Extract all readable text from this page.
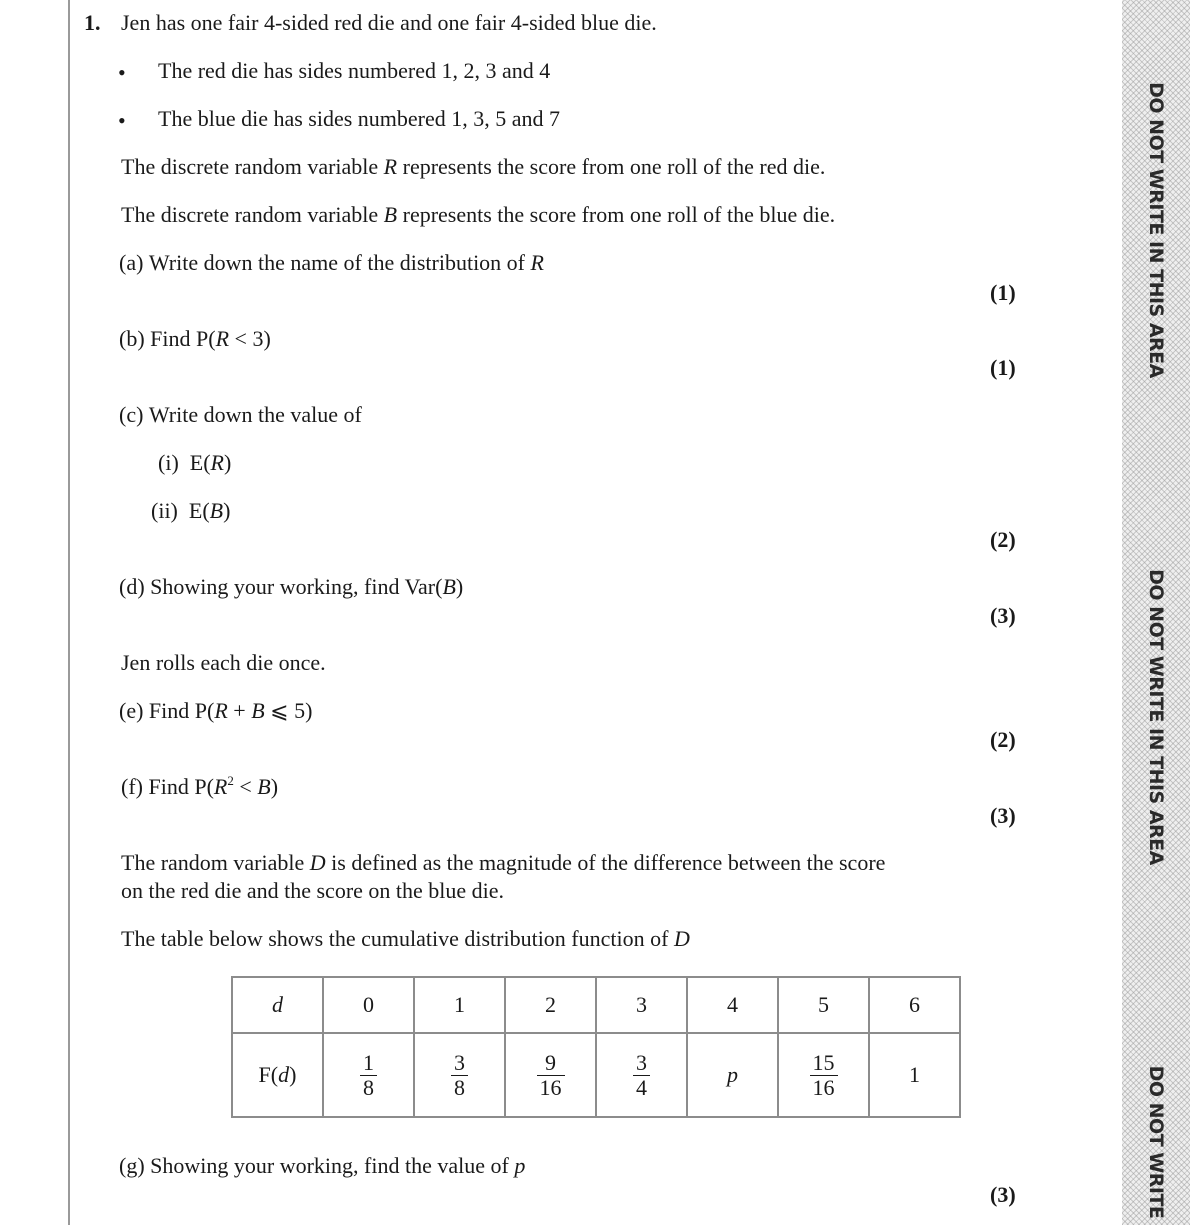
DO NOT WRITE IN THIS AREA
DO NOT WRITE IN THIS AREA
DO NOT WRITE
1. Jen has one fair 4-sided red die and one fair 4-sided blue die.
• The red die has sides numbered 1, 2, 3 and 4
• The blue die has sides numbered 1, 3, 5 and 7
The discrete random variable R represents the score from one roll of the red die.
The discrete random variable B represents the score from one roll of the blue die.
(a) Write down the name of the distribution of R
(1)
(b) Find P(R < 3)
(1)
(c) Write down the value of
(i) E(R)
(ii) E(B)
(2)
(d) Showing your working, find Var(B)
(3)
Jen rolls each die once.
(e) Find P(R + B ⩽ 5)
(2)
(f) Find $P(R^2 < B)$
(3)
The random variable D is defined as the magnitude of the difference between the score
on the red die and the score on the blue die.
The table below shows the cumulative distribution function of D
d	0	1	2	3	4	5	6
F(d)	$\frac{1}{8}$	$\frac{3}{8}$	$\frac{9}{16}$	$\frac{3}{4}$	p	$\frac{15}{16}$	1
(g) Showing your working, find the value of p
(3)
